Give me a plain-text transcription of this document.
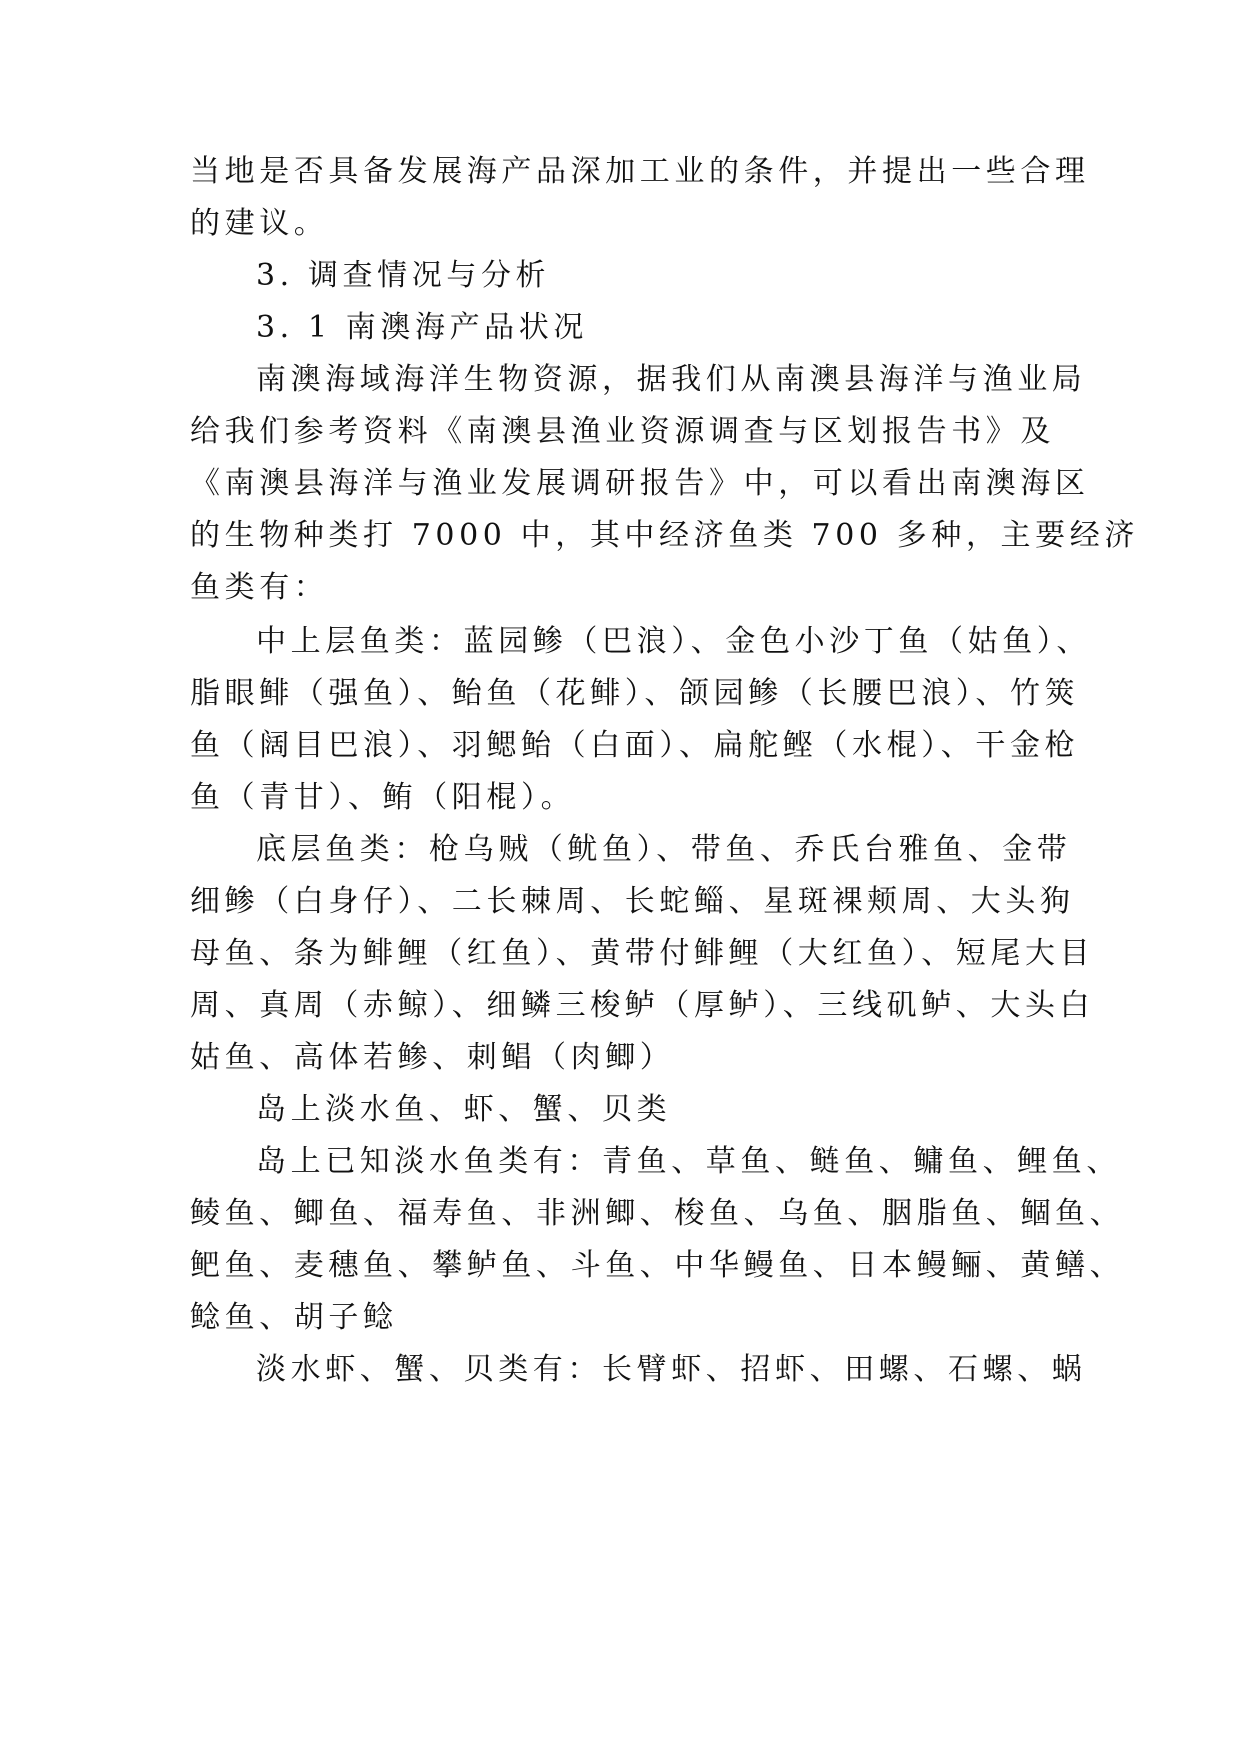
当地是否具备发展海产品深加工业的条件，并提出一些合理
的建议。
3. 调查情况与分析
3. 1 南澳海产品状况
南澳海域海洋生物资源，据我们从南澳县海洋与渔业局
给我们参考资料《南澳县渔业资源调查与区划报告书》及
《南澳县海洋与渔业发展调研报告》中，可以看出南澳海区
的生物种类打 7000 中，其中经济鱼类 700 多种，主要经济
鱼类有：
中上层鱼类：蓝园鲹（巴浪）、金色小沙丁鱼（姑鱼）、
脂眼鲱（强鱼）、鲐鱼（花鲱）、颌园鲹（长腰巴浪）、竹筴
鱼（阔目巴浪）、羽鳃鲐（白面）、扁舵鲣（水棍）、干金枪
鱼（青甘）、鲔（阳棍）。
底层鱼类：枪乌贼（鱿鱼）、带鱼、乔氏台雅鱼、金带
细鲹（白身仔）、二长棘周、长蛇鲻、星斑裸颊周、大头狗
母鱼、条为鲱鲤（红鱼）、黄带付鲱鲤（大红鱼）、短尾大目
周、真周（赤鲸）、细鳞三梭鲈（厚鲈）、三线矶鲈、大头白
姑鱼、高体若鲹、刺鲳（肉鲫）
岛上淡水鱼、虾、蟹、贝类
岛上已知淡水鱼类有：青鱼、草鱼、鲢鱼、鳙鱼、鲤鱼、
鲮鱼、鲫鱼、福寿鱼、非洲鲫、梭鱼、乌鱼、胭脂鱼、鲴鱼、
鲃鱼、麦穗鱼、攀鲈鱼、斗鱼、中华鳗鱼、日本鳗鲡、黄鳝、
鲶鱼、胡子鲶
淡水虾、蟹、贝类有：长臂虾、招虾、田螺、石螺、蜗
